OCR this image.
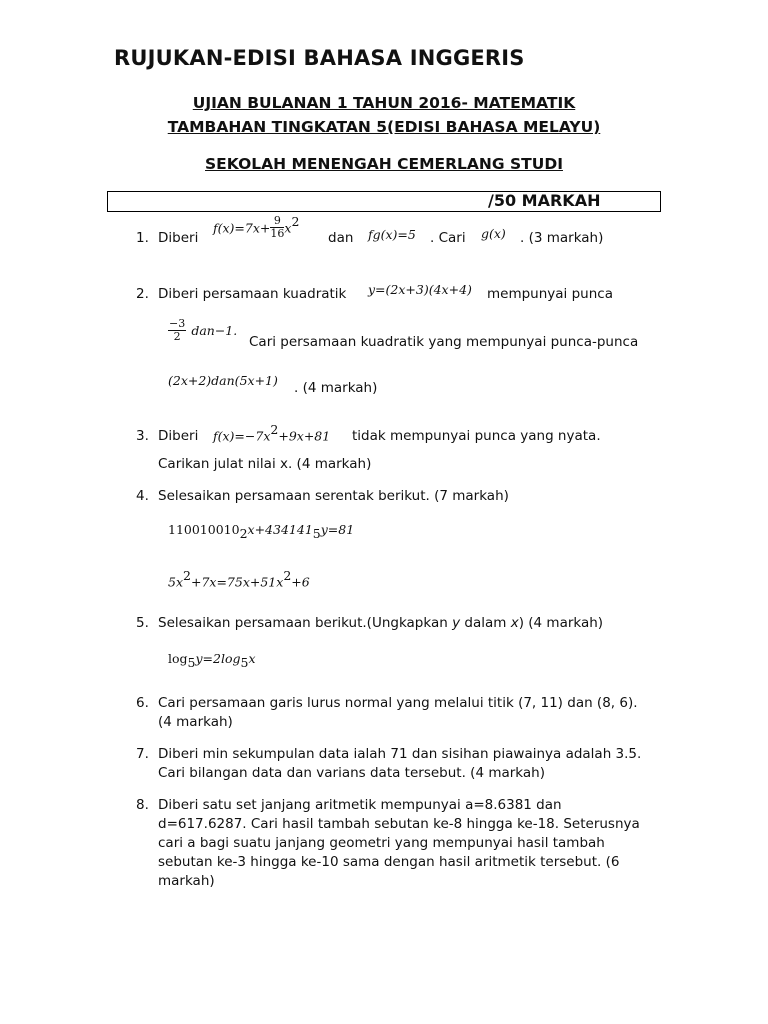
RUJUKAN-EDISI BAHASA INGGERIS
UJIAN BULANAN 1 TAHUN 2016- MATEMATIK
TAMBAHAN TINGKATAN 5(EDISI BAHASA MELAYU)
SEKOLAH MENENGAH CEMERLANG STUDI
/50 MARKAH
1. Diberi
$f(x)=7x+ \frac{9}{16} x^2$
dan fg(x)=5 . Cari g(x) . (3 markah)
2. Diberi persamaan kuadratik y=(2x+3)(4x+4) mempunyai punca
$\frac{-3}{2} dan-1$.
Cari persamaan kuadratik yang mempunyai punca-punca
(2x+2)dan(5x+1) . (4 markah)
3. Diberi $f(x)=-7x^2+9x+81$ tidak mempunyai punca yang nyata.
Carikan julat nilai x. (4 markah)
4. Selesaikan persamaan serentak berikut. (7 markah)
$110010010_2x+434141_5y=81$
$5x^2+7x=75x+51x^2+6$
5. Selesaikan persamaan berikut.(Ungkapkan y dalam x) (4 markah)
$\log_5y=2\log_5x$
6. Cari persamaan garis lurus normal yang melalui titik (7, 11) dan (8, 6).
(4 markah)
7. Diberi min sekumpulan data ialah 71 dan sisihan piawainya adalah 3.5.
Cari bilangan data dan varians data tersebut. (4 markah)
8. Diberi satu set janjang aritmetik mempunyai a=8.6381 dan
d=617.6287. Cari hasil tambah sebutan ke-8 hingga ke-18. Seterusnya
cari a bagi suatu janjang geometri yang mempunyai hasil tambah
sebutan ke-3 hingga ke-10 sama dengan hasil aritmetik tersebut. (6
markah)
